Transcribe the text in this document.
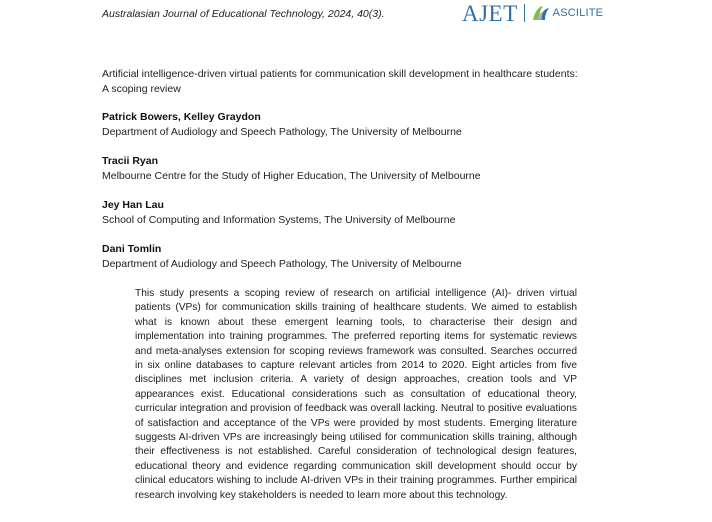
Australasian Journal of Educational Technology, 2024, 40(3).	AJET	ASCILITE
Artificial intelligence-driven virtual patients for communication skill development in healthcare students: A scoping review
Patrick Bowers, Kelley Graydon
Department of Audiology and Speech Pathology, The University of Melbourne
Tracii Ryan
Melbourne Centre for the Study of Higher Education, The University of Melbourne
Jey Han Lau
School of Computing and Information Systems, The University of Melbourne
Dani Tomlin
Department of Audiology and Speech Pathology, The University of Melbourne
This study presents a scoping review of research on artificial intelligence (AI)- driven virtual patients (VPs) for communication skills training of healthcare students. We aimed to establish what is known about these emergent learning tools, to characterise their design and implementation into training programmes. The preferred reporting items for systematic reviews and meta-analyses extension for scoping reviews framework was consulted. Searches occurred in six online databases to capture relevant articles from 2014 to 2020. Eight articles from five disciplines met inclusion criteria. A variety of design approaches, creation tools and VP appearances exist. Educational considerations such as consultation of educational theory, curricular integration and provision of feedback was overall lacking. Neutral to positive evaluations of satisfaction and acceptance of the VPs were provided by most students. Emerging literature suggests AI-driven VPs are increasingly being utilised for communication skills training, although their effectiveness is not established. Careful consideration of technological design features, educational theory and evidence regarding communication skill development should occur by clinical educators wishing to include AI-driven VPs in their training programmes. Further empirical research involving key stakeholders is needed to learn more about this technology.
